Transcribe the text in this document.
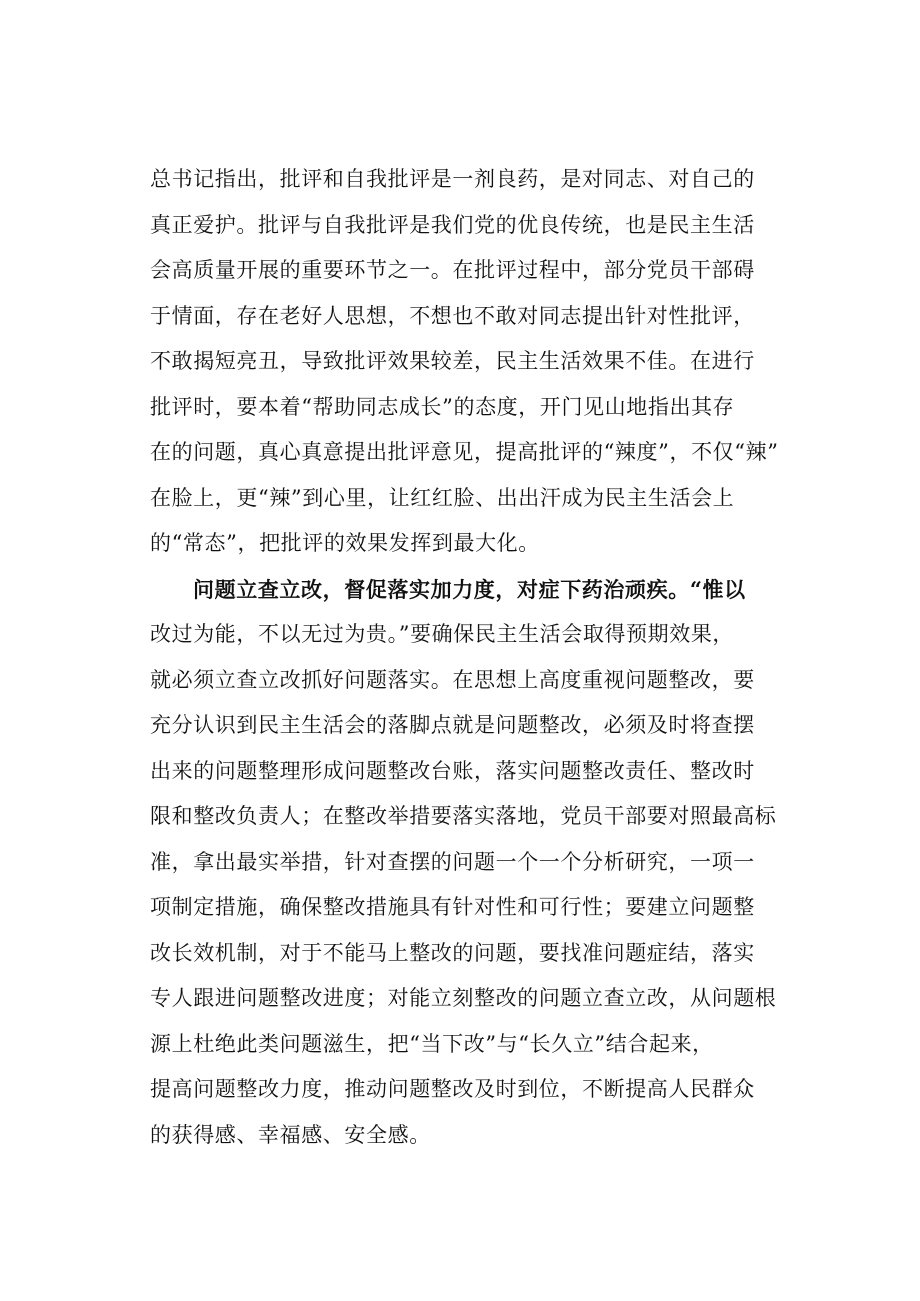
总书记指出，批评和自我批评是一剂良药，是对同志、对自己的
真正爱护。批评与自我批评是我们党的优良传统，也是民主生活
会高质量开展的重要环节之一。在批评过程中，部分党员干部碍
于情面，存在老好人思想，不想也不敢对同志提出针对性批评，
不敢揭短亮丑，导致批评效果较差，民主生活效果不佳。在进行
批评时，要本着“帮助同志成长”的态度，开门见山地指出其存
在的问题，真心真意提出批评意见，提高批评的“辣度”，不仅“辣”
在脸上，更“辣”到心里，让红红脸、出出汗成为民主生活会上
的“常态”，把批评的效果发挥到最大化。
问题立查立改，督促落实加力度，对症下药治顽疾。“惟以
改过为能，不以无过为贵。”要确保民主生活会取得预期效果，
就必须立查立改抓好问题落实。在思想上高度重视问题整改，要
充分认识到民主生活会的落脚点就是问题整改，必须及时将查摆
出来的问题整理形成问题整改台账，落实问题整改责任、整改时
限和整改负责人；在整改举措要落实落地，党员干部要对照最高标
准，拿出最实举措，针对查摆的问题一个一个分析研究，一项一
项制定措施，确保整改措施具有针对性和可行性；要建立问题整
改长效机制，对于不能马上整改的问题，要找准问题症结，落实
专人跟进问题整改进度；对能立刻整改的问题立查立改，从问题根
源上杜绝此类问题滋生，把“当下改”与“长久立”结合起来，
提高问题整改力度，推动问题整改及时到位，不断提高人民群众
的获得感、幸福感、安全感。
